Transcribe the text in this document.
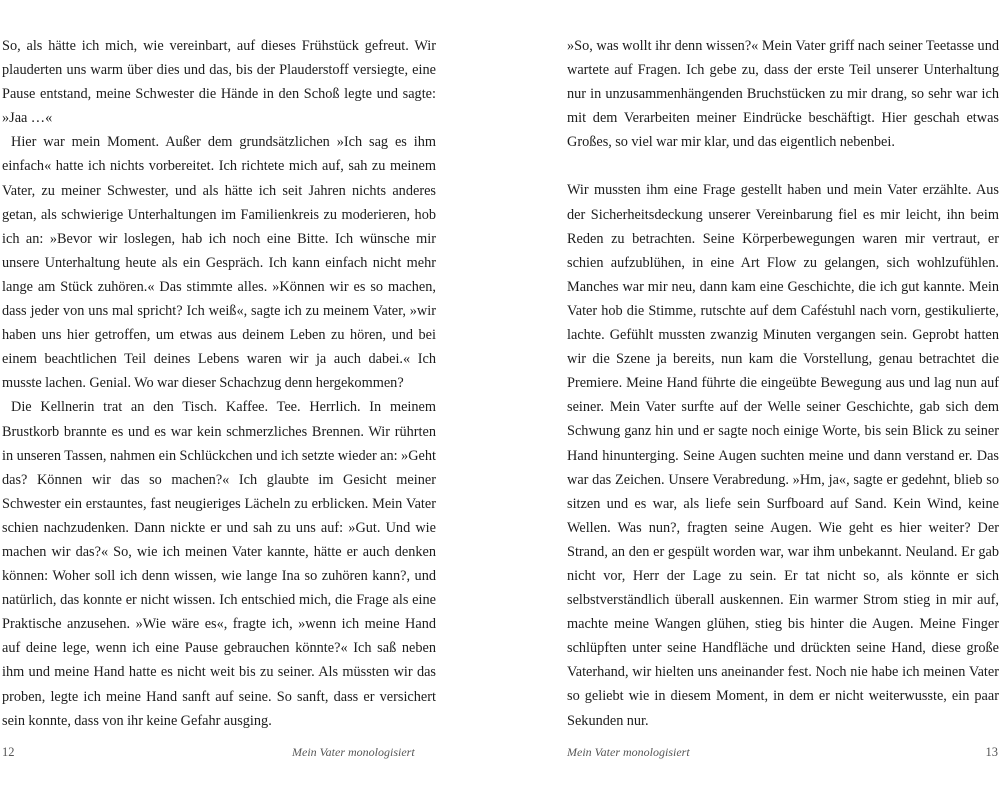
So, als hätte ich mich, wie vereinbart, auf dieses Frühstück gefreut. Wir plauderten uns warm über dies und das, bis der Plauderstoff versiegte, eine Pause entstand, meine Schwester die Hände in den Schoß legte und sagte: »Jaa …«

Hier war mein Moment. Außer dem grundsätzlichen »Ich sag es ihm einfach« hatte ich nichts vorbereitet. Ich richtete mich auf, sah zu meinem Vater, zu meiner Schwester, und als hätte ich seit Jahren nichts anderes getan, als schwierige Unterhaltungen im Familienkreis zu moderieren, hob ich an: »Bevor wir loslegen, hab ich noch eine Bitte. Ich wünsche mir unsere Unterhaltung heute als ein Gespräch. Ich kann einfach nicht mehr lange am Stück zuhören.« Das stimmte alles. »Können wir es so machen, dass jeder von uns mal spricht? Ich weiß«, sagte ich zu meinem Vater, »wir haben uns hier getroffen, um etwas aus deinem Leben zu hören, und bei einem beachtlichen Teil deines Lebens waren wir ja auch dabei.« Ich musste lachen. Genial. Wo war dieser Schachzug denn hergekommen?

Die Kellnerin trat an den Tisch. Kaffee. Tee. Herrlich. In meinem Brustkorb brannte es und es war kein schmerzliches Brennen. Wir rührten in unseren Tassen, nahmen ein Schlückchen und ich setzte wieder an: »Geht das? Können wir das so machen?« Ich glaubte im Gesicht meiner Schwester ein erstauntes, fast neugieriges Lächeln zu erblicken. Mein Vater schien nachzudenken. Dann nickte er und sah zu uns auf: »Gut. Und wie machen wir das?« So, wie ich meinen Vater kannte, hätte er auch denken können: Woher soll ich denn wissen, wie lange Ina so zuhören kann?, und natürlich, das konnte er nicht wissen. Ich entschied mich, die Frage als eine Praktische anzusehen. »Wie wäre es«, fragte ich, »wenn ich meine Hand auf deine lege, wenn ich eine Pause gebrauchen könnte?« Ich saß neben ihm und meine Hand hatte es nicht weit bis zu seiner. Als müssten wir das proben, legte ich meine Hand sanft auf seine. So sanft, dass er versichert sein konnte, dass von ihr keine Gefahr ausging.

12	Mein Vater monologisiert

»So, was wollt ihr denn wissen?« Mein Vater griff nach seiner Teetasse und wartete auf Fragen. Ich gebe zu, dass der erste Teil unserer Unterhaltung nur in unzusammenhängenden Bruchstücken zu mir drang, so sehr war ich mit dem Verarbeiten meiner Eindrücke beschäftigt. Hier geschah etwas Großes, so viel war mir klar, und das eigentlich nebenbei.

Wir mussten ihm eine Frage gestellt haben und mein Vater erzählte. Aus der Sicherheitsdeckung unserer Vereinbarung fiel es mir leicht, ihn beim Reden zu betrachten. Seine Körperbewegungen waren mir vertraut, er schien aufzublühen, in eine Art Flow zu gelangen, sich wohlzufühlen. Manches war mir neu, dann kam eine Geschichte, die ich gut kannte. Mein Vater hob die Stimme, rutschte auf dem Caféstuhl nach vorn, gestikulierte, lachte. Gefühlt mussten zwanzig Minuten vergangen sein. Geprobt hatten wir die Szene ja bereits, nun kam die Vorstellung, genau betrachtet die Premiere. Meine Hand führte die eingeübte Bewegung aus und lag nun auf seiner. Mein Vater surfte auf der Welle seiner Geschichte, gab sich dem Schwung ganz hin und er sagte noch einige Worte, bis sein Blick zu seiner Hand hinunterging. Seine Augen suchten meine und dann verstand er. Das war das Zeichen. Unsere Verabredung. »Hm, ja«, sagte er gedehnt, blieb so sitzen und es war, als liefe sein Surfboard auf Sand. Kein Wind, keine Wellen. Was nun?, fragten seine Augen. Wie geht es hier weiter? Der Strand, an den er gespült worden war, war ihm unbekannt. Neuland. Er gab nicht vor, Herr der Lage zu sein. Er tat nicht so, als könnte er sich selbstverständlich überall auskennen. Ein warmer Strom stieg in mir auf, machte meine Wangen glühen, stieg bis hinter die Augen. Meine Finger schlüpften unter seine Handfläche und drückten seine Hand, diese große Vaterhand, wir hielten uns aneinander fest. Noch nie habe ich meinen Vater so geliebt wie in diesem Moment, in dem er nicht weiterwusste, ein paar Sekunden nur.

Mein Vater monologisiert	13
